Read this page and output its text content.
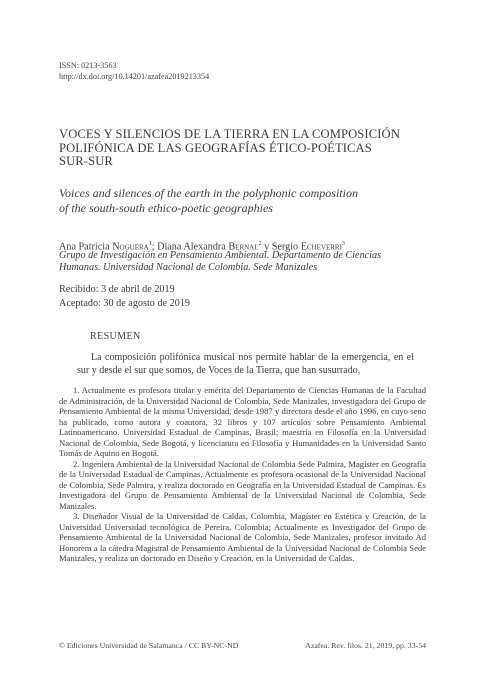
ISSN: 0213-3563
http://dx.doi.org/10.14201/azafea2019213354
VOCES Y SILENCIOS DE LA TIERRA EN LA COMPOSICIÓN
POLIFÓNICA DE LAS GEOGRAFÍAS ÉTICO-POÉTICAS
SUR-SUR
Voices and silences of the earth in the polyphonic composition
of the south-south ethico-poetic geographies
Ana Patricia Noguera$^1$; Diana Alexandra Bernal$^2$ y Sergio Echeverri$^3$
Grupo de Investigación en Pensamiento Ambiental. Departamento de Ciencias
Humanas. Universidad Nacional de Colombia. Sede Manizales
Recibido: 3 de abril de 2019
Aceptado: 30 de agosto de 2019
RESUMEN
La composición polifónica musical nos permite hablar de la emergencia, en el sur y desde el sur que somos, de Voces de la Tierra, que han susurrado,

1. Actualmente es profesora titular y emérita del Departamento de Ciencias Humanas de la Facultad de Administración, de la Universidad Nacional de Colombia, Sede Manizales, investigadora del Grupo de Pensamiento Ambiental de la misma Universidad, desde 1987 y directora desde el año 1996, en cuyo seno ha publicado, como autora y coautora, 32 libros y 107 artículos sobre Pensamiento Ambiental Latinoamericano. Universidad Estadual de Campinas, Brasil; maestría en Filosofía en la Universidad Nacional de Colombia, Sede Bogotá, y licenciatura en Filosofía y Humanidades en la Universidad Santo Tomás de Aquino en Bogotá.

2. Ingeniera Ambiental de la Universidad Nacional de Colombia Sede Palmira, Magíster en Geografía de la Universidad Estadual de Campinas, Actualmente es profesora ocasional de la Universidad Nacional de Colombia, Sede Palmira, y realiza doctorado en Geografía en la Universidad Estadual de Campinas. Es Investigadora del Grupo de Pensamiento Ambiental de la Universidad Nacional de Colombia, Sede Manizales.

3. Diseñador Visual de la Universidad de Caldas, Colombia, Magíster en Estética y Creación, de la Universidad Universidad tecnológica de Pereira, Colombia; Actualmente es Investigador del Grupo de Pensamiento Ambiental de la Universidad Nacional de Colombia, Sede Manizales, profesor invitado Ad Honorem a la cátedra Magistral de Pensamiento Ambiental de la Universidad Nacional de Colombia Sede Manizales, y realiza un doctorado en Diseño y Creación, en la Universidad de Caldas.

© Ediciones Universidad de Salamanca / CC BY-NC-ND	Azafea. Rev. filos. 21, 2019, pp. 33-54
